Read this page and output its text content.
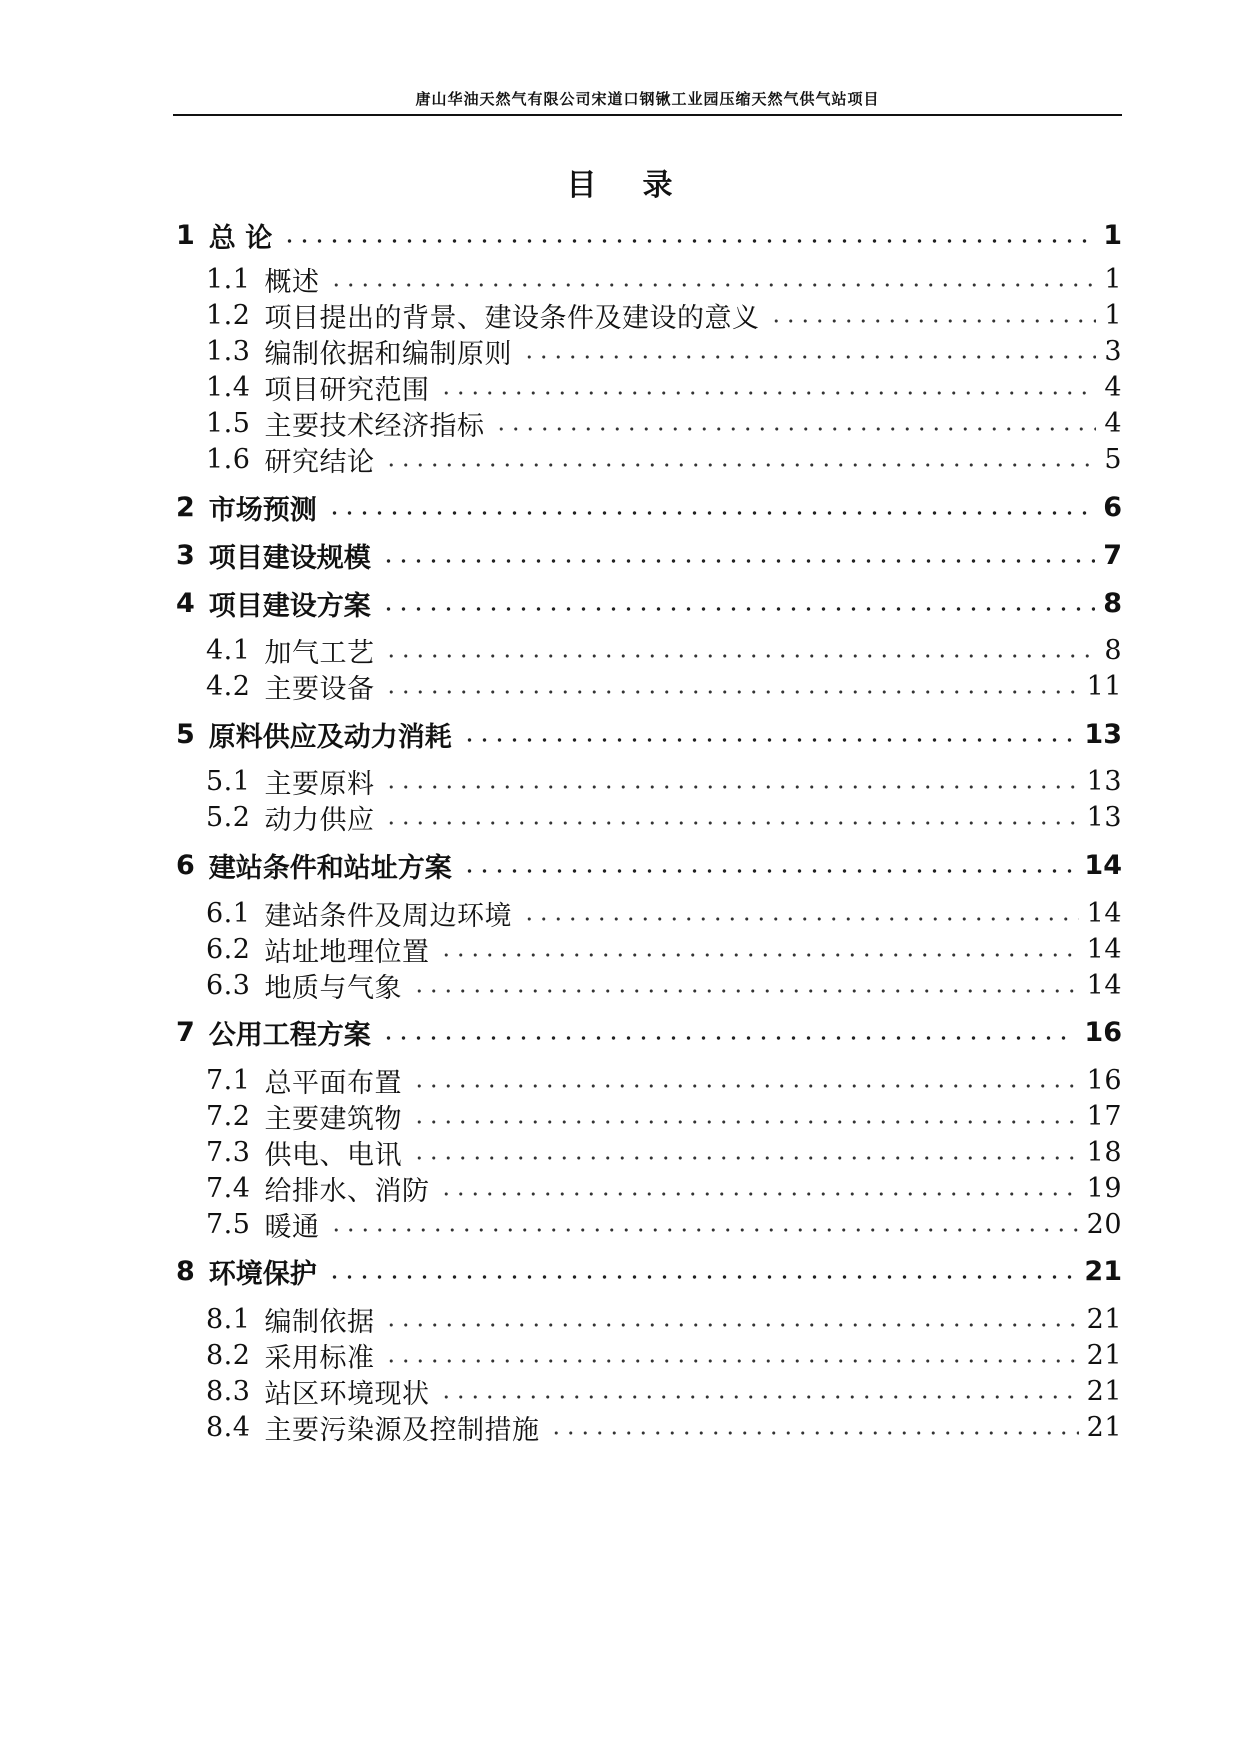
唐山华油天然气有限公司宋道口钢锹工业园压缩天然气供气站项目
目 录
1 总 论	1
1.1 概述	1
1.2 项目提出的背景、建设条件及建设的意义	1
1.3 编制依据和编制原则	3
1.4 项目研究范围	4
1.5 主要技术经济指标	4
1.6 研究结论	5
2 市场预测	6
3 项目建设规模	7
4 项目建设方案	8
4.1 加气工艺	8
4.2 主要设备	11
5 原料供应及动力消耗	13
5.1 主要原料	13
5.2 动力供应	13
6 建站条件和站址方案	14
6.1 建站条件及周边环境	14
6.2 站址地理位置	14
6.3 地质与气象	14
7 公用工程方案	16
7.1 总平面布置	16
7.2 主要建筑物	17
7.3 供电、电讯	18
7.4 给排水、消防	19
7.5 暖通	20
8 环境保护	21
8.1 编制依据	21
8.2 采用标准	21
8.3 站区环境现状	21
8.4 主要污染源及控制措施	21
